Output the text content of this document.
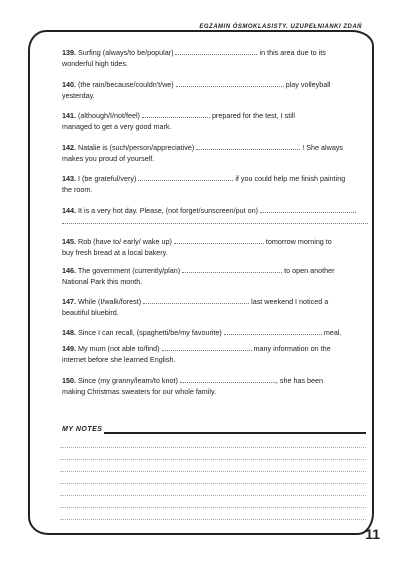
EGZAMIN ÓSMOKLASISTY. UZUPEŁNIANKI ZDAŃ
139. Surfing (always/to be/popular)	in this area due to its
wonderful high tides.
140. (the rain/because/couldn't/we)	play volleyball
yesterday.
141. (although/I/not/feel)	prepared for the test, I still
managed to get a very good mark.
142. Natalie is (such/person/appreciative)	! She always
makes you proud of yourself.
143. I (be grateful/very)	if you could help me finish painting
the room.
144. It is a very hot day. Please, (not forget/sunscreen/put on)

145. Rob (have to/ early/ wake up)	tomorrow morning to
buy fresh bread at a local bakery.
146. The government (currently/plan)	to open another
National Park this month.
147. While (I/walk/forest)	last weekend I noticed a
beautiful bluebird.
148. Since I can recall, (spaghetti/be/my favourite)	meal.
149. My mum (not able to/find)	many information on the
internet before she learned English.
150. Since (my granny/learn/to knot)	, she has been
making Christmas sweaters for our whole family.
MY NOTES
11
